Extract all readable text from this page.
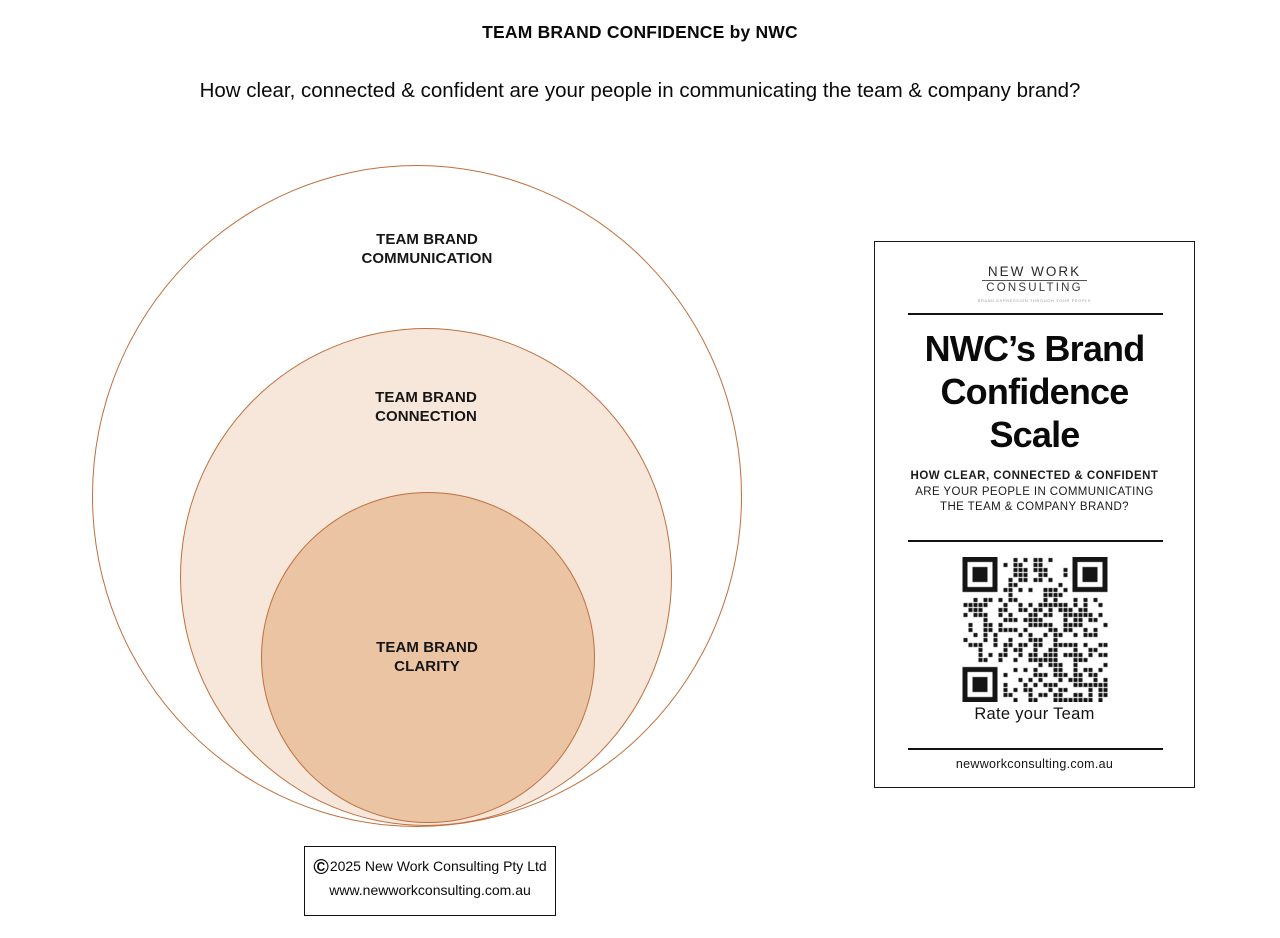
TEAM BRAND CONFIDENCE by NWC
How clear, connected & confident are your people in communicating the team & company brand?
TEAM BRAND
COMMUNICATION
TEAM BRAND
CONNECTION
TEAM BRAND
CLARITY
NEW WORK
CONSULTING
BRAND EXPRESSION THROUGH YOUR PEOPLE
NWC’s Brand
Confidence
Scale
HOW CLEAR, CONNECTED & CONFIDENT
ARE YOUR PEOPLE IN COMMUNICATING
THE TEAM & COMPANY BRAND?
Rate your Team
newworkconsulting.com.au
©2025 New Work Consulting Pty Ltd
www.newworkconsulting.com.au
